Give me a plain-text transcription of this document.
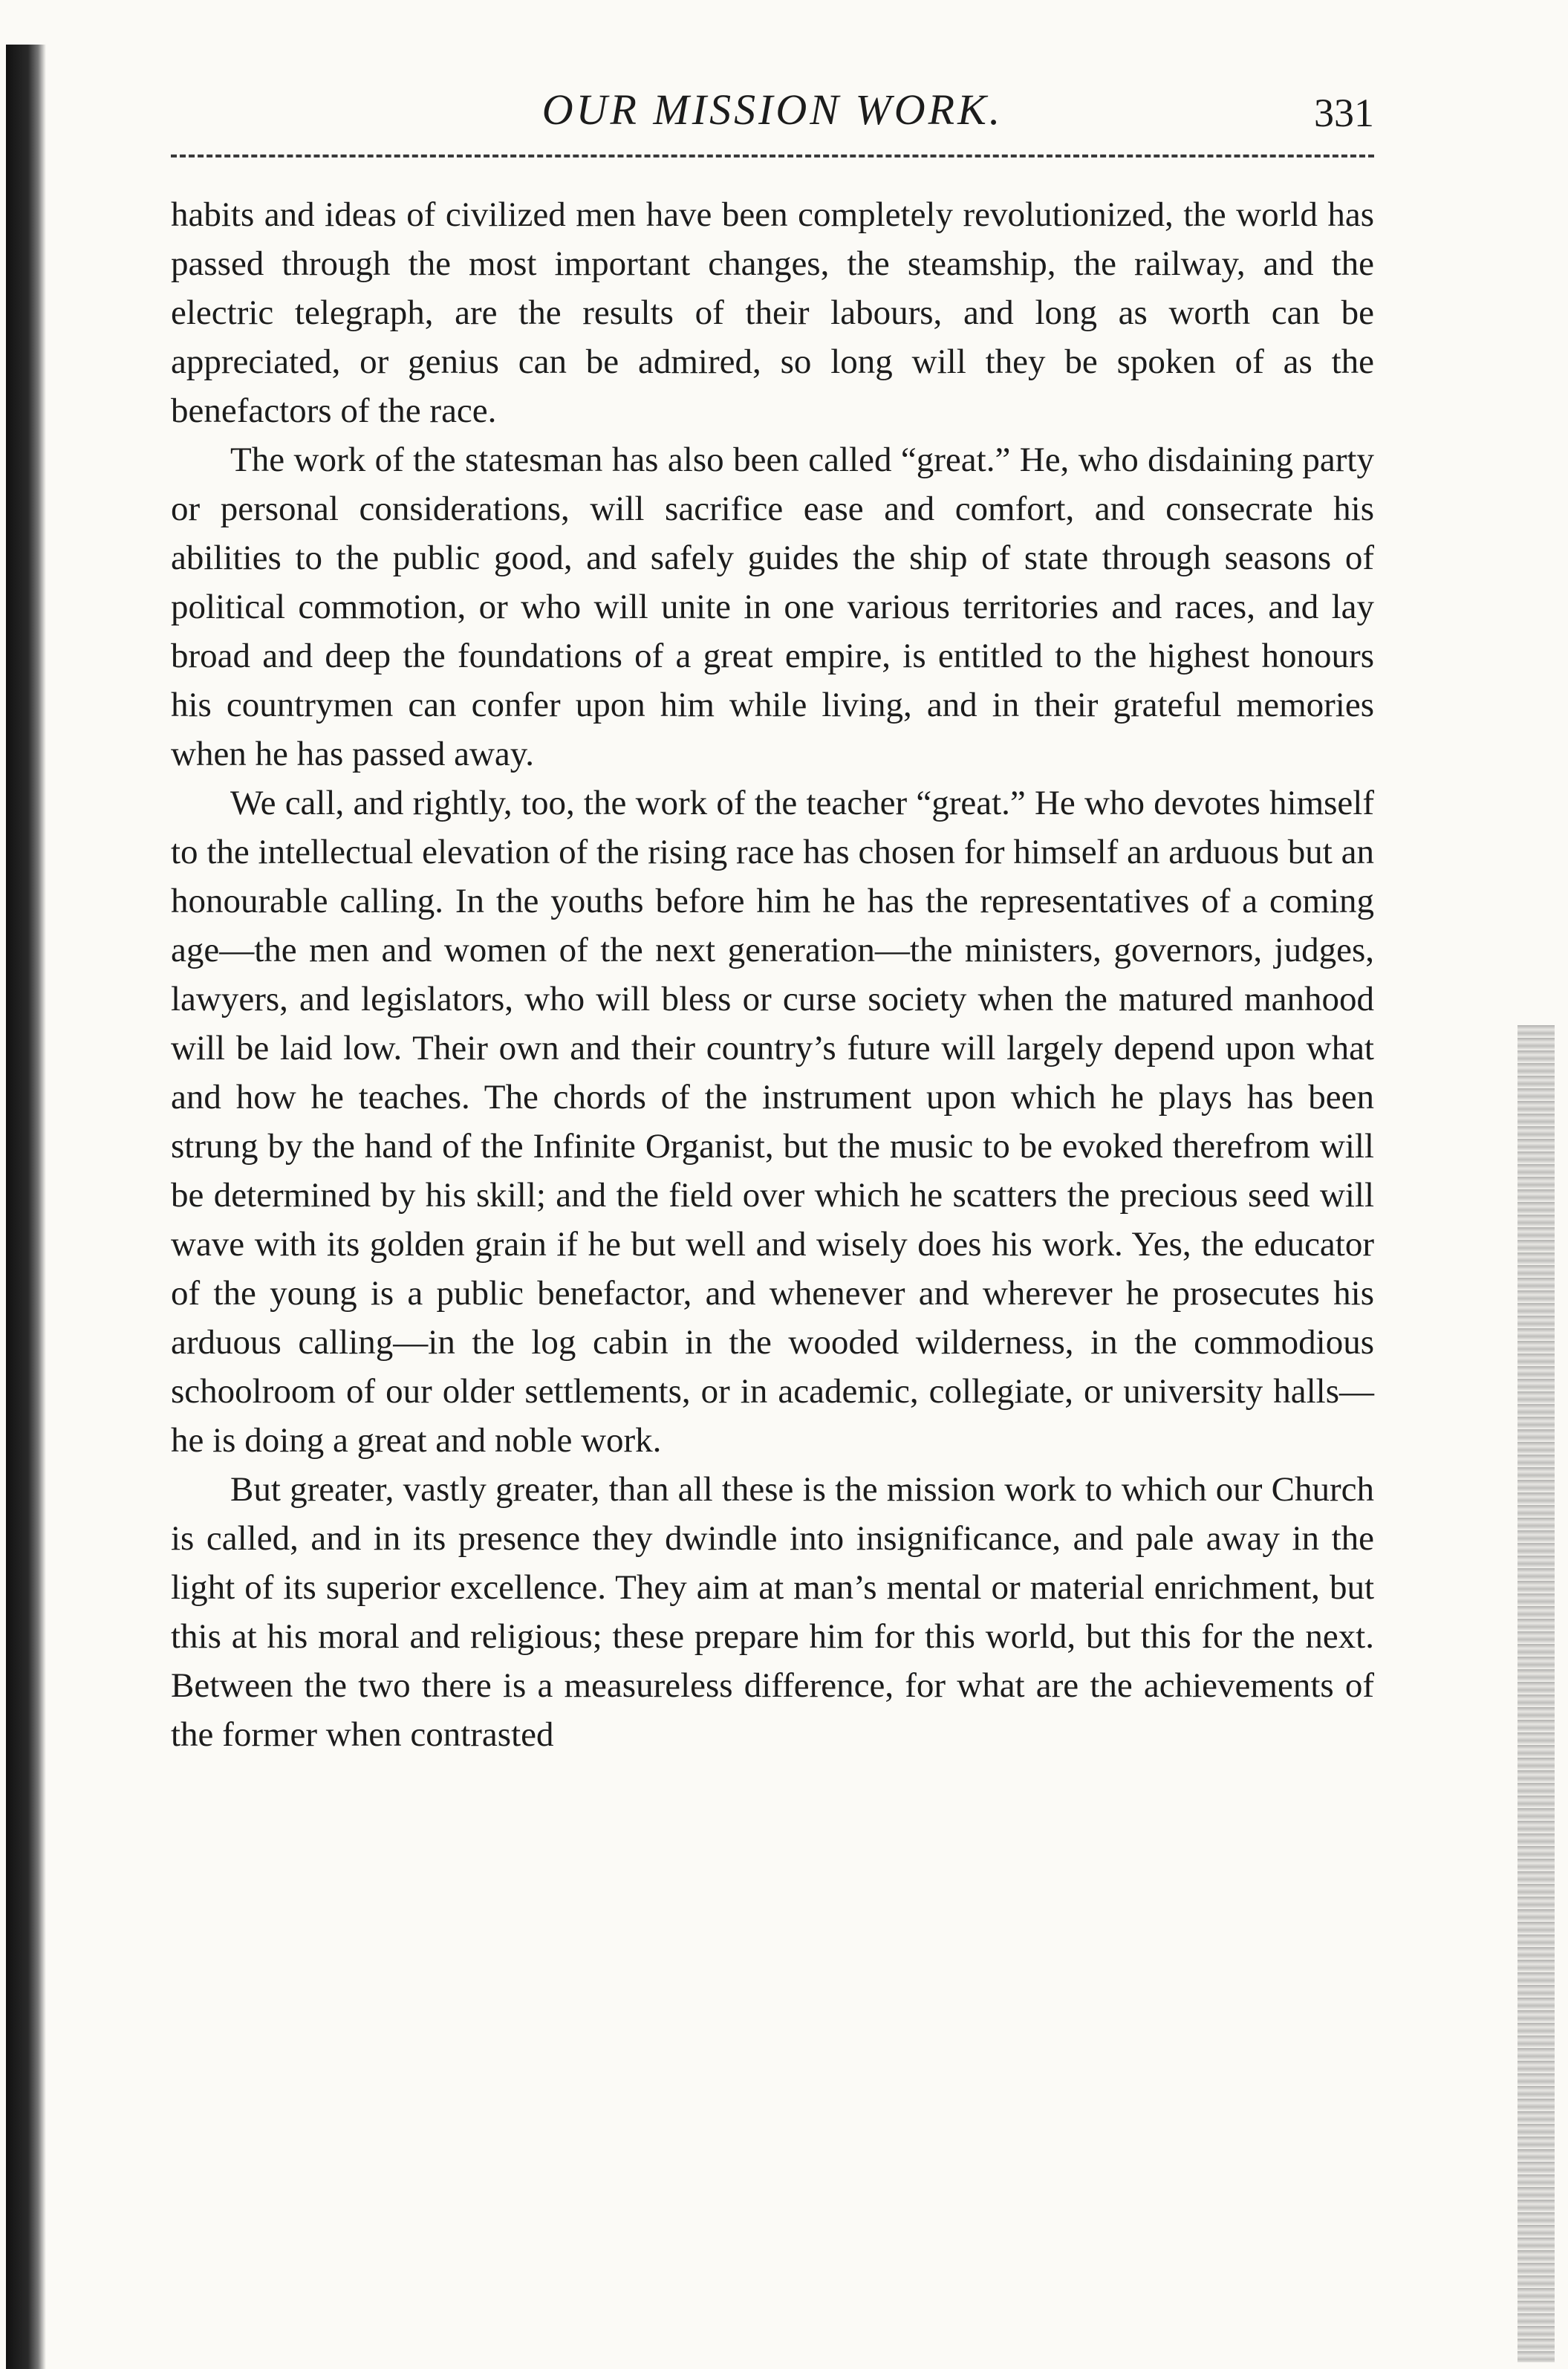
OUR MISSION WORK.	331

habits and ideas of civilized men have been completely revolutionized, the world has passed through the most important changes, the steamship, the railway, and the electric telegraph, are the results of their labours, and long as worth can be appreciated, or genius can be admired, so long will they be spoken of as the benefactors of the race.

The work of the statesman has also been called “great.” He, who disdaining party or personal considerations, will sacrifice ease and comfort, and consecrate his abilities to the public good, and safely guides the ship of state through seasons of political commotion, or who will unite in one various territories and races, and lay broad and deep the foundations of a great empire, is entitled to the highest honours his countrymen can confer upon him while living, and in their grateful memories when he has passed away.

We call, and rightly, too, the work of the teacher “great.” He who devotes himself to the intellectual elevation of the rising race has chosen for himself an arduous but an honourable calling. In the youths before him he has the representatives of a coming age—the men and women of the next generation—the ministers, governors, judges, lawyers, and legislators, who will bless or curse society when the matured manhood will be laid low. Their own and their country’s future will largely depend upon what and how he teaches. The chords of the instrument upon which he plays has been strung by the hand of the Infinite Organist, but the music to be evoked therefrom will be determined by his skill; and the field over which he scatters the precious seed will wave with its golden grain if he but well and wisely does his work. Yes, the educator of the young is a public benefactor, and whenever and wherever he prosecutes his arduous calling—in the log cabin in the wooded wilderness, in the commodious schoolroom of our older settlements, or in academic, collegiate, or university halls—he is doing a great and noble work.

But greater, vastly greater, than all these is the mission work to which our Church is called, and in its presence they dwindle into insignificance, and pale away in the light of its superior excellence. They aim at man’s mental or material enrichment, but this at his moral and religious; these prepare him for this world, but this for the next. Between the two there is a measureless difference, for what are the achievements of the former when contrasted
